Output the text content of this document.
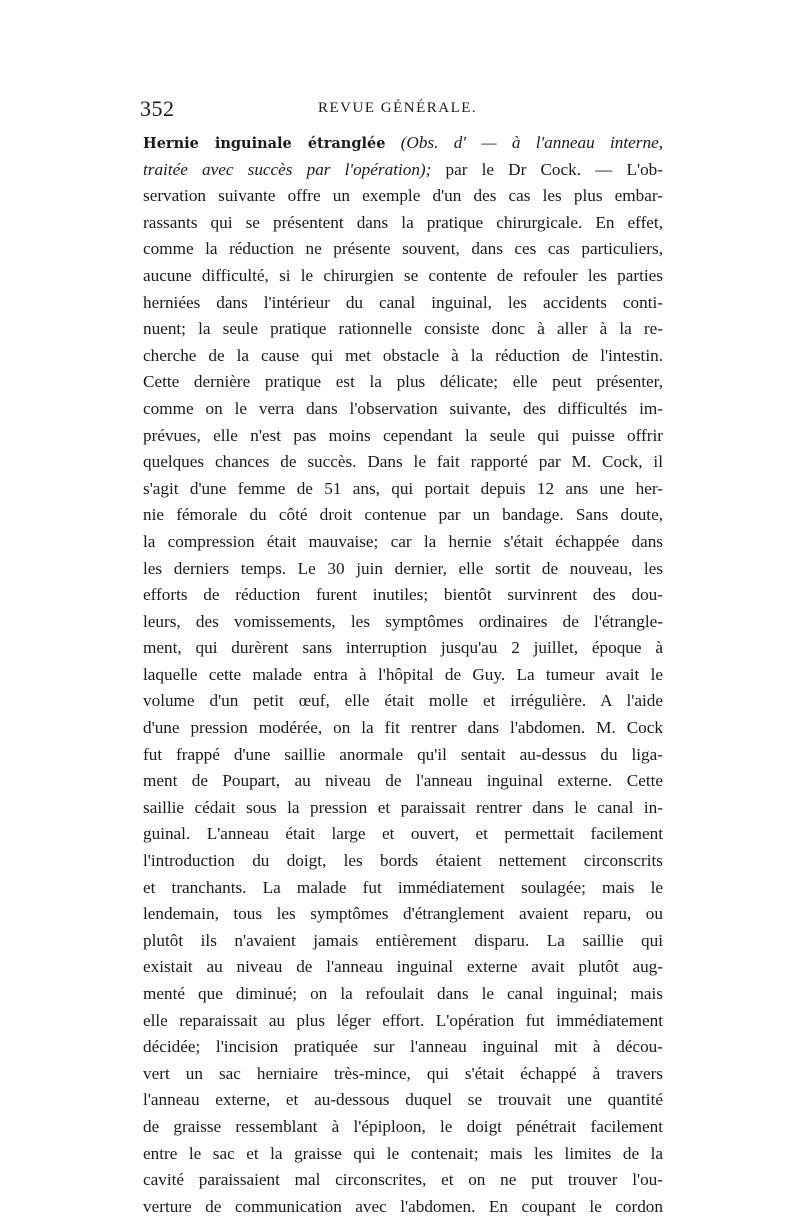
352	REVUE GÉNÉRALE.
Hernie inguinale étranglée (Obs. d' — à l'anneau interne,
traitée avec succès par l'opération); par le Dr Cock. — L'ob-
servation suivante offre un exemple d'un des cas les plus embar-
rassants qui se présentent dans la pratique chirurgicale. En effet,
comme la réduction ne présente souvent, dans ces cas particuliers,
aucune difficulté, si le chirurgien se contente de refouler les parties
herniées dans l'intérieur du canal inguinal, les accidents conti-
nuent; la seule pratique rationnelle consiste donc à aller à la re-
cherche de la cause qui met obstacle à la réduction de l'intestin.
Cette dernière pratique est la plus délicate; elle peut présenter,
comme on le verra dans l'observation suivante, des difficultés im-
prévues, elle n'est pas moins cependant la seule qui puisse offrir
quelques chances de succès. Dans le fait rapporté par M. Cock, il
s'agit d'une femme de 51 ans, qui portait depuis 12 ans une her-
nie fémorale du côté droit contenue par un bandage. Sans doute,
la compression était mauvaise; car la hernie s'était échappée dans
les derniers temps. Le 30 juin dernier, elle sortit de nouveau, les
efforts de réduction furent inutiles; bientôt survinrent des dou-
leurs, des vomissements, les symptômes ordinaires de l'étrangle-
ment, qui durèrent sans interruption jusqu'au 2 juillet, époque à
laquelle cette malade entra à l'hôpital de Guy. La tumeur avait le
volume d'un petit œuf, elle était molle et irrégulière. A l'aide
d'une pression modérée, on la fit rentrer dans l'abdomen. M. Cock
fut frappé d'une saillie anormale qu'il sentait au-dessus du liga-
ment de Poupart, au niveau de l'anneau inguinal externe. Cette
saillie cédait sous la pression et paraissait rentrer dans le canal in-
guinal. L'anneau était large et ouvert, et permettait facilement
l'introduction du doigt, les bords étaient nettement circonscrits
et tranchants. La malade fut immédiatement soulagée; mais le
lendemain, tous les symptômes d'étranglement avaient reparu, ou
plutôt ils n'avaient jamais entièrement disparu. La saillie qui
existait au niveau de l'anneau inguinal externe avait plutôt aug-
menté que diminué; on la refoulait dans le canal inguinal; mais
elle reparaissait au plus léger effort. L'opération fut immédiatement
décidée; l'incision pratiquée sur l'anneau inguinal mit à décou-
vert un sac herniaire très-mince, qui s'était échappé à travers
l'anneau externe, et au-dessous duquel se trouvait une quantité
de graisse ressemblant à l'épiploon, le doigt pénétrait facilement
entre le sac et la graisse qui le contenait; mais les limites de la
cavité paraissaient mal circonscrites, et on ne put trouver l'ou-
verture de communication avec l'abdomen. En coupant le cordon
